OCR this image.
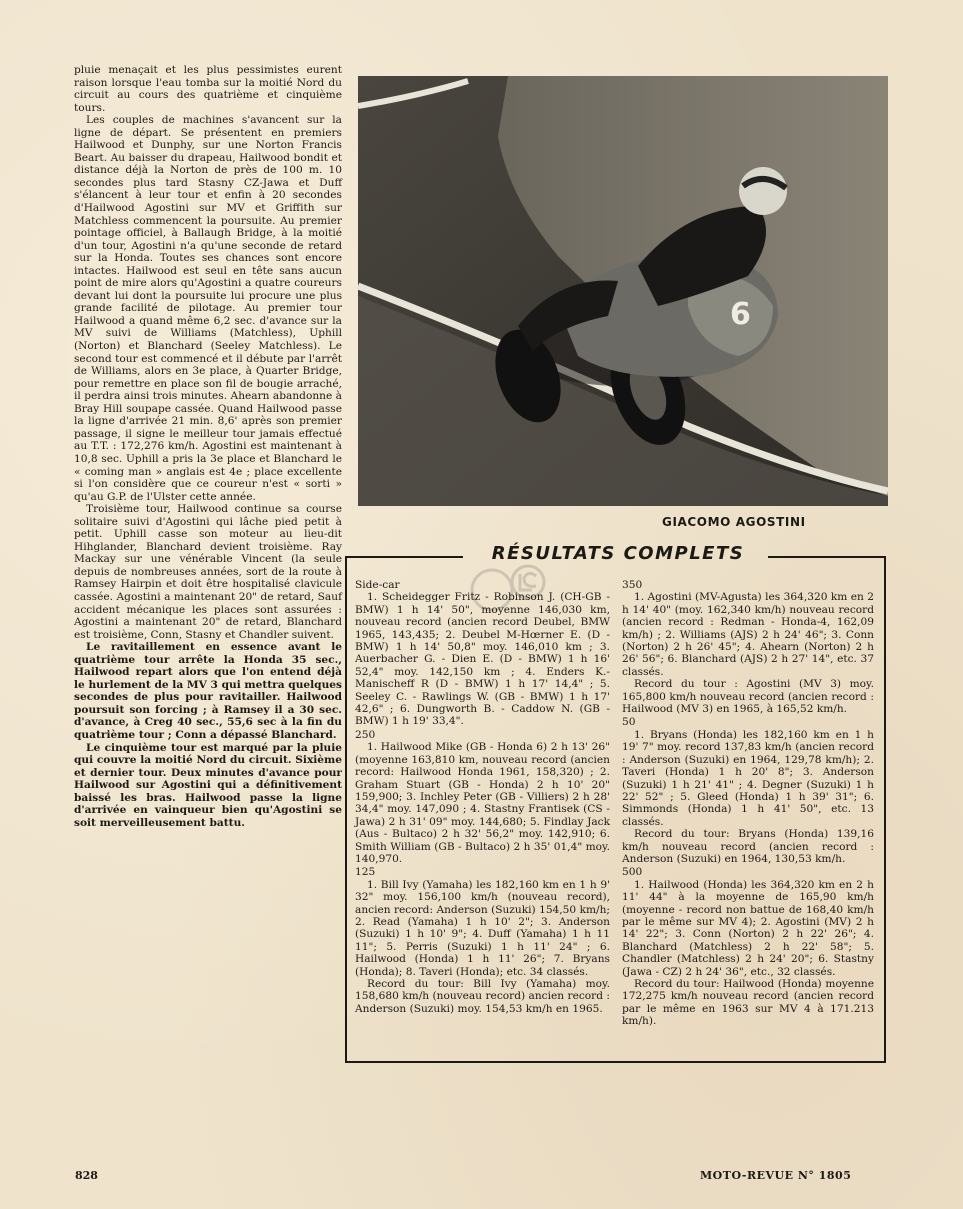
pluie menaçait et les plus pessimistes eurent raison lorsque l'eau tomba sur la moitié Nord du circuit au cours des quatrième et cinquième tours.

Les couples de machines s'avancent sur la ligne de départ. Se présentent en premiers Hailwood et Dunphy, sur une Norton Francis Beart. Au baisser du drapeau, Hailwood bondit et distance déjà la Norton de près de 100 m. 10 secondes plus tard Stasny CZ-Jawa et Duff s'élancent à leur tour et enfin à 20 secondes d'Hailwood Agostini sur MV et Griffith sur Matchless commencent la poursuite. Au premier pointage officiel, à Ballaugh Bridge, à la moitié d'un tour, Agostini n'a qu'une seconde de retard sur la Honda. Toutes ses chances sont encore intactes. Hailwood est seul en tête sans aucun point de mire alors qu'Agostini a quatre coureurs devant lui dont la poursuite lui procure une plus grande facilité de pilotage. Au premier tour Hailwood a quand même 6,2 sec. d'avance sur la MV suivi de Williams (Matchless), Uphill (Norton) et Blanchard (Seeley Matchless). Le second tour est commencé et il débute par l'arrêt de Williams, alors en 3e place, à Quarter Bridge, pour remettre en place son fil de bougie arraché, il perdra ainsi trois minutes. Ahearn abandonne à Bray Hill soupape cassée. Quand Hailwood passe la ligne d'arrivée 21 min. 8,6' après son premier passage, il signe le meilleur tour jamais effectué au T.T. : 172,276 km/h. Agostini est maintenant à 10,8 sec. Uphill a pris la 3e place et Blanchard le « coming man » anglais est 4e ; place excellente si l'on considère que ce coureur n'est « sorti » qu'au G.P. de l'Ulster cette année.

Troisième tour, Hailwood continue sa course solitaire suivi d'Agostini qui lâche pied petit à petit. Uphill casse son moteur au lieu-dit Hihglander, Blanchard devient troisième. Ray Mackay sur une vénérable Vincent (la seule depuis de nombreuses années, sort de la route à Ramsey Hairpin et doit être hospitalisé clavicule cassée. Agostini a maintenant 20" de retard, Sauf accident mécanique les places sont assurées : Agostini a maintenant 20" de retard, Blanchard est troisième, Conn, Stasny et Chandler suivent.

Le ravitaillement en essence avant le quatrième tour arrête la Honda 35 sec., Hailwood repart alors que l'on entend déjà le hurlement de la MV 3 qui mettra quelques secondes de plus pour ravitailler. Hailwood poursuit son forcing ; à Ramsey il a 30 sec. d'avance, à Creg 40 sec., 55,6 sec à la fin du quatrième tour ; Conn a dépassé Blanchard.

Le cinquième tour est marqué par la pluie qui couvre la moitié Nord du circuit. Sixième et dernier tour. Deux minutes d'avance pour Hailwood sur Agostini qui a définitivement baissé les bras. Hailwood passe la ligne d'arrivée en vainqueur bien qu'Agostini se soit merveilleusement battu.

6
GIACOMO AGOSTINI
RÉSULTATS COMPLETS

Side-car

1. Scheidegger Fritz - Robinson J. (CH-GB - BMW) 1 h 14' 50", moyenne 146,030 km, nouveau record (ancien record Deubel, BMW 1965, 143,435; 2. Deubel M-Hœrner E. (D - BMW) 1 h 14' 50,8" moy. 146,010 km ; 3. Auerbacher G. - Dien E. (D - BMW) 1 h 16' 52,4" moy. 142,150 km ; 4. Enders K.-Manischeff R (D - BMW) 1 h 17' 14,4" ; 5. Seeley C. - Rawlings W. (GB - BMW) 1 h 17' 42,6" ; 6. Dungworth B. - Caddow N. (GB - BMW) 1 h 19' 33,4".

250

1. Hailwood Mike (GB - Honda 6) 2 h 13' 26" (moyenne 163,810 km, nouveau record (ancien record: Hailwood Honda 1961, 158,320) ; 2. Graham Stuart (GB - Honda) 2 h 10' 20" 159,900; 3. Inchley Peter (GB - Villiers) 2 h 28' 34,4" moy. 147,090 ; 4. Stastny Frantisek (CS - Jawa) 2 h 31' 09" moy. 144,680; 5. Findlay Jack (Aus - Bultaco) 2 h 32' 56,2" moy. 142,910; 6. Smith William (GB - Bultaco) 2 h 35' 01,4" moy. 140,970.

125

1. Bill Ivy (Yamaha) les 182,160 km en 1 h 9' 32" moy. 156,100 km/h (nouveau record), ancien record: Anderson (Suzuki) 154,50 km/h; 2. Read (Yamaha) 1 h 10' 2"; 3. Anderson (Suzuki) 1 h 10' 9"; 4. Duff (Yamaha) 1 h 11 11"; 5. Perris (Suzuki) 1 h 11' 24" ; 6. Hailwood (Honda) 1 h 11' 26"; 7. Bryans (Honda); 8. Taveri (Honda); etc. 34 classés.

Record du tour: Bill Ivy (Yamaha) moy. 158,680 km/h (nouveau record) ancien record : Anderson (Suzuki) moy. 154,53 km/h en 1965.

350

1. Agostini (MV-Agusta) les 364,320 km en 2 h 14' 40" (moy. 162,340 km/h) nouveau record (ancien record : Redman - Honda-4, 162,09 km/h) ; 2. Williams (AJS) 2 h 24' 46"; 3. Conn (Norton) 2 h 26' 45"; 4. Ahearn (Norton) 2 h 26' 56"; 6. Blanchard (AJS) 2 h 27' 14", etc. 37 classés.

Record du tour : Agostini (MV 3) moy. 165,800 km/h nouveau record (ancien record : Hailwood (MV 3) en 1965, à 165,52 km/h.

50

1. Bryans (Honda) les 182,160 km en 1 h 19' 7" moy. record 137,83 km/h (ancien record : Anderson (Suzuki) en 1964, 129,78 km/h); 2. Taveri (Honda) 1 h 20' 8"; 3. Anderson (Suzuki) 1 h 21' 41" ; 4. Degner (Suzuki) 1 h 22' 52" ; 5. Gleed (Honda) 1 h 39' 31"; 6. Simmonds (Honda) 1 h 41' 50", etc. 13 classés.

Record du tour: Bryans (Honda) 139,16 km/h nouveau record (ancien record : Anderson (Suzuki) en 1964, 130,53 km/h.

500

1. Hailwood (Honda) les 364,320 km en 2 h 11' 44" à la moyenne de 165,90 km/h (moyenne - record non battue de 168,40 km/h par le même sur MV 4); 2. Agostini (MV) 2 h 14' 22"; 3. Conn (Norton) 2 h 22' 26"; 4. Blanchard (Matchless) 2 h 22' 58"; 5. Chandler (Matchless) 2 h 24' 20"; 6. Stastny (Jawa - CZ) 2 h 24' 36", etc., 32 classés.

Record du tour: Hailwood (Honda) moyenne 172,275 km/h nouveau record (ancien record par le même en 1963 sur MV 4 à 171.213 km/h).

828	MOTO-REVUE N° 1805
